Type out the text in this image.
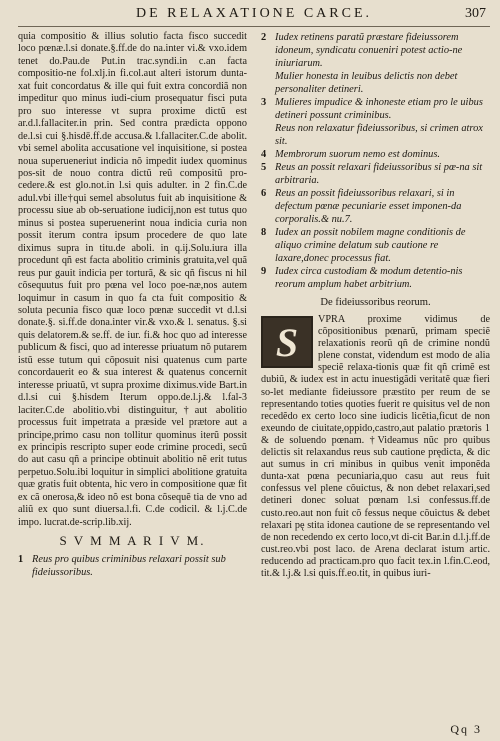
DE RELAXATIONE CARCE.	307

quia compositio & illius solutio facta fisco succedit loco pœnæ.l.si donate.§.ff.de do na.inter vi.& vxo.idem tenet do.Pau.de Put.in trac.syndi.in c.an facta compositio-ne fol.xlj.in fi.col.aut alteri istorum dunta-xat fuit concordatus & ille qui fuit extra concordiã non impeditur quo minus iudi-cium prosequatur fisci puta pro suo interesse vt supra proxime dictũ est ar.d.l.fallaciter.in prin. Sed contra prædicta oppono de.l.si cui §.hisdē.ff.de accusa.& l.fallaciter.C.de abolit. vbi semel abolita accusatione vel inquisitione, si postea noua superueneriut indicia nõ impedit iudex quominus pos-sit de nouo contra dictũ reũ compositũ pro-cedere.& est glo.not.in l.si quis adulter. in 2 fin.C.de adul.vbi ille†qui semel absolutus fuit ab inquisitione & processu siue ab ob-seruatione iudicij,non est tutus quo minus si postea superuenerint noua indicia curia non possit iterum contra ipsum procedere de quo late diximus supra in titu.de aboli. in q.ij.Solu.iura illa procedunt qñ est facta abolitio criminis gratuita,vel quã reus pur gauit indicia per torturã, & sic qñ fiscus ni hil cõsequutus fuit pro pœna vel loco poe-næ,nos autem loquimur in casum in quo fa cta fuit compositio & soluta pecunia fisco quæ loco pœnæ succedit vt d.l.si donate.§. si.ff.de dona.inter vir.& vxo.& l. senatus. §.si quis delatorem.& se.ff. de iur. fi.& hoc quo ad interesse publicum & fisci, quo ad interesse priuatum nõ putarem istũ esse tutum qui cõposuit nisi quatenus cum parte concordauerit eo & sua interest & quatenus concernit interesse priuatũ, vt supra proxime diximus.vide Bart.in d.l.si cui §.hisdem Iterum oppo.de.l.j.& l.fal-3 laciter.C.de abolitio.vbi distinguitur,†aut abolitio processus fuit impetrata a præside vel prætore aut a principe,primo casu non tollitur quominus iterũ possit ex principis rescripto super eode crimine procedi, secũ do aut casu qñ a principe obtinuit abolitio nẽ erit tutus perpetuo.Solu.ibi loquitur in simplici abolitione gratuita quæ gratis fuit obtenta, hic vero in compositione quæ fit ex cã onerosa,& ideo nõ est bona cõsequẽ tia de vno ad aliũ ex quo sunt diuersa.l.fi. C.de codicil. & l.j.C.de impo. lucrat.de-scrip.lib.xij.

S V M M A R I V M.
1 Reus pro quibus criminibus relaxari possit sub fideiussoribus.
2 Iudex retinens paratũ præstare fideiussorem idoneum, syndicatu conueniri potest actio-ne iniuriarum.
Mulier honesta in leuibus delictis non debet personaliter detineri.
3 Mulieres impudice & inhoneste etiam pro le uibus detineri possunt criminibus.
Reus non relaxatur fideiussoribus, si crimen atrox sit.
4 Membrorum suorum nemo est dominus.
5 Reus an possit relaxari fideiussoribus si pœ-na sit arbitraria.
6 Reus an possit fideiussoribus relaxari, si in defectum pœnæ pecuniarie esset imponen-da corporalis.& nu.7.
8 Iudex an possit nobilem magne conditionis de aliquo crimine delatum sub cautione re laxare,donec processus fiat.
9 Iudex circa custodiam & modum detentio-nis reorum amplum habet arbitrium.
De fideiussoribus reorum.
S	VPRA proxime vidimus de cõpositionibus pœnarũ, primam speciẽ relaxationis reorũ qñ de crimine nondũ plene constat, videndum est modo de alia speciẽ relaxa-tionis quæ fit qñ crimẽ est dubiũ, & iudex est in actu inuestigãdi veritatẽ quæ fieri so-let mediante fideiussore præstito per reum de se representando toties quoties fuerit re quisitus vel de non recedẽdo ex certo loco sine iudicis licẽtia,ficut de non exeundo de ciuitate,oppido,castro,aut palatio prætoris 1 & de soluendo pœnam. †Videamus nũc pro quibus delictis sit relaxandus reus sub cautione prędicta, & dic aut sumus in cri minibus in quibus venit imponẽda dunta-xat pœna pecuniaria,quo casu aut reus fuit confessus vel plene cõuictus, & non debet relaxari,sed detineri donec soluat pœnam l.si confessus.ff.de custo.reo.aut non fuit cõ fessus neque cõuictus & debet relaxari pę stita idonea cautione de se representando vel de non recedendo ex certo loco,vt di-cit Bar.in d.l.j.ff.de cust.reo.vbi post laco. de Arena declarat istum artic. reducendo ad practicam.pro quo facit tex.in l.fin.C.eod, tit.& l.j.& l.si quis.ff.eo.tit, in quibus iuri-

Qq 3
